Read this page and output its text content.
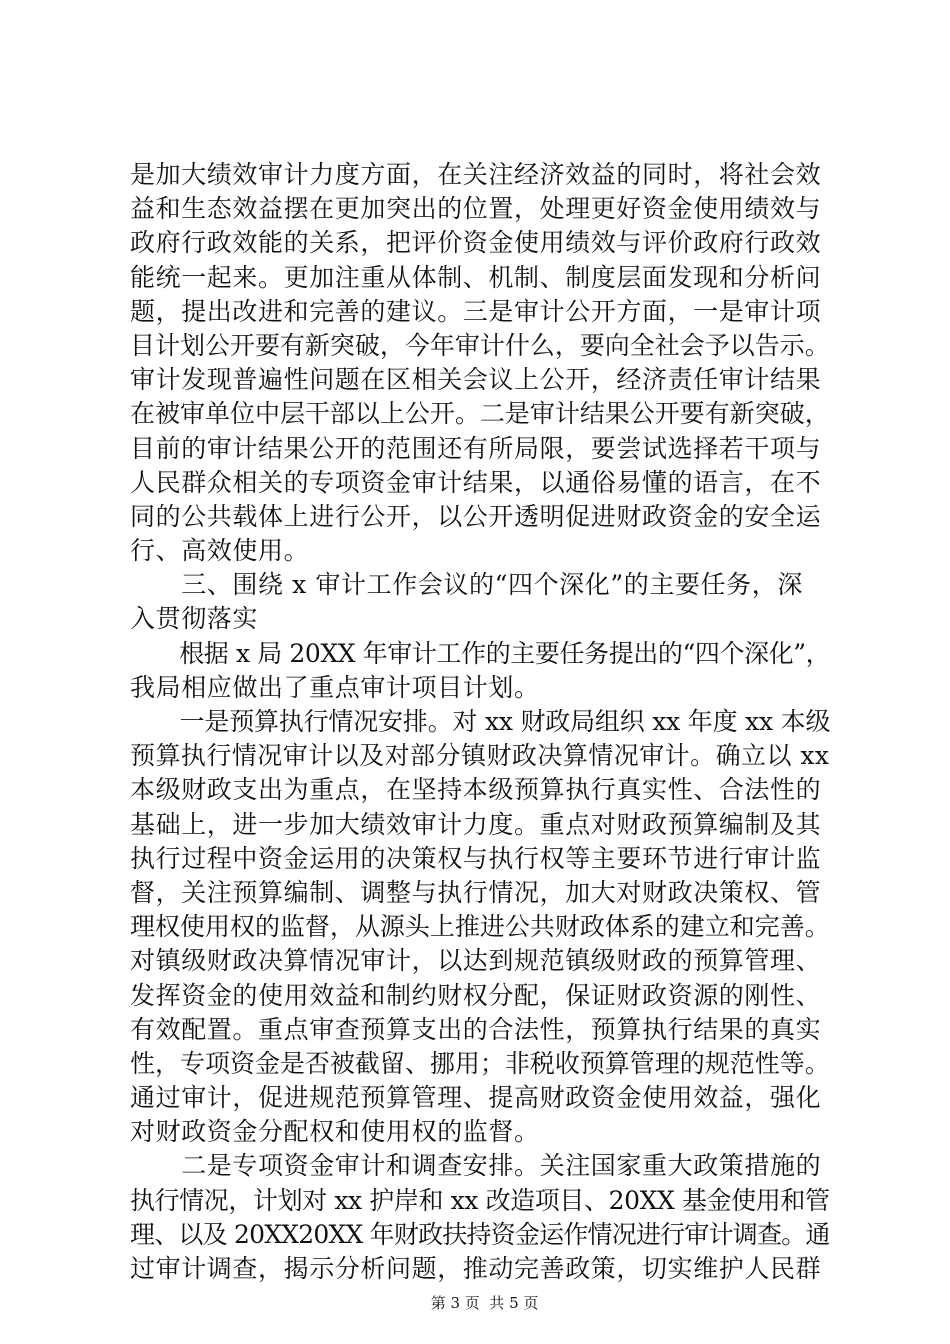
是加大绩效审计力度方面，在关注经济效益的同时，将社会效
益和生态效益摆在更加突出的位置，处理更好资金使用绩效与
政府行政效能的关系，把评价资金使用绩效与评价政府行政效
能统一起来。更加注重从体制、机制、制度层面发现和分析问
题，提出改进和完善的建议。三是审计公开方面，一是审计项
目计划公开要有新突破，今年审计什么，要向全社会予以告示。
审计发现普遍性问题在区相关会议上公开，经济责任审计结果
在被审单位中层干部以上公开。二是审计结果公开要有新突破，
目前的审计结果公开的范围还有所局限，要尝试选择若干项与
人民群众相关的专项资金审计结果，以通俗易懂的语言，在不
同的公共载体上进行公开，以公开透明促进财政资金的安全运
行、高效使用。
　　三、围绕 x 审计工作会议的“四个深化”的主要任务，深
入贯彻落实
　　根据 x 局 20XX 年审计工作的主要任务提出的“四个深化”，
我局相应做出了重点审计项目计划。
　　一是预算执行情况安排。对 xx 财政局组织 xx 年度 xx 本级
预算执行情况审计以及对部分镇财政决算情况审计。确立以 xx
本级财政支出为重点，在坚持本级预算执行真实性、合法性的
基础上，进一步加大绩效审计力度。重点对财政预算编制及其
执行过程中资金运用的决策权与执行权等主要环节进行审计监
督，关注预算编制、调整与执行情况，加大对财政决策权、管
理权使用权的监督，从源头上推进公共财政体系的建立和完善。
对镇级财政决算情况审计，以达到规范镇级财政的预算管理、
发挥资金的使用效益和制约财权分配，保证财政资源的刚性、
有效配置。重点审查预算支出的合法性，预算执行结果的真实
性，专项资金是否被截留、挪用；非税收预算管理的规范性等。
通过审计，促进规范预算管理、提高财政资金使用效益，强化
对财政资金分配权和使用权的监督。
　　二是专项资金审计和调查安排。关注国家重大政策措施的
执行情况，计划对 xx 护岸和 xx 改造项目、20XX 基金使用和管
理、以及 20XX20XX 年财政扶持资金运作情况进行审计调查。通
过审计调查，揭示分析问题，推动完善政策，切实维护人民群

第 3 页  共 5 页
